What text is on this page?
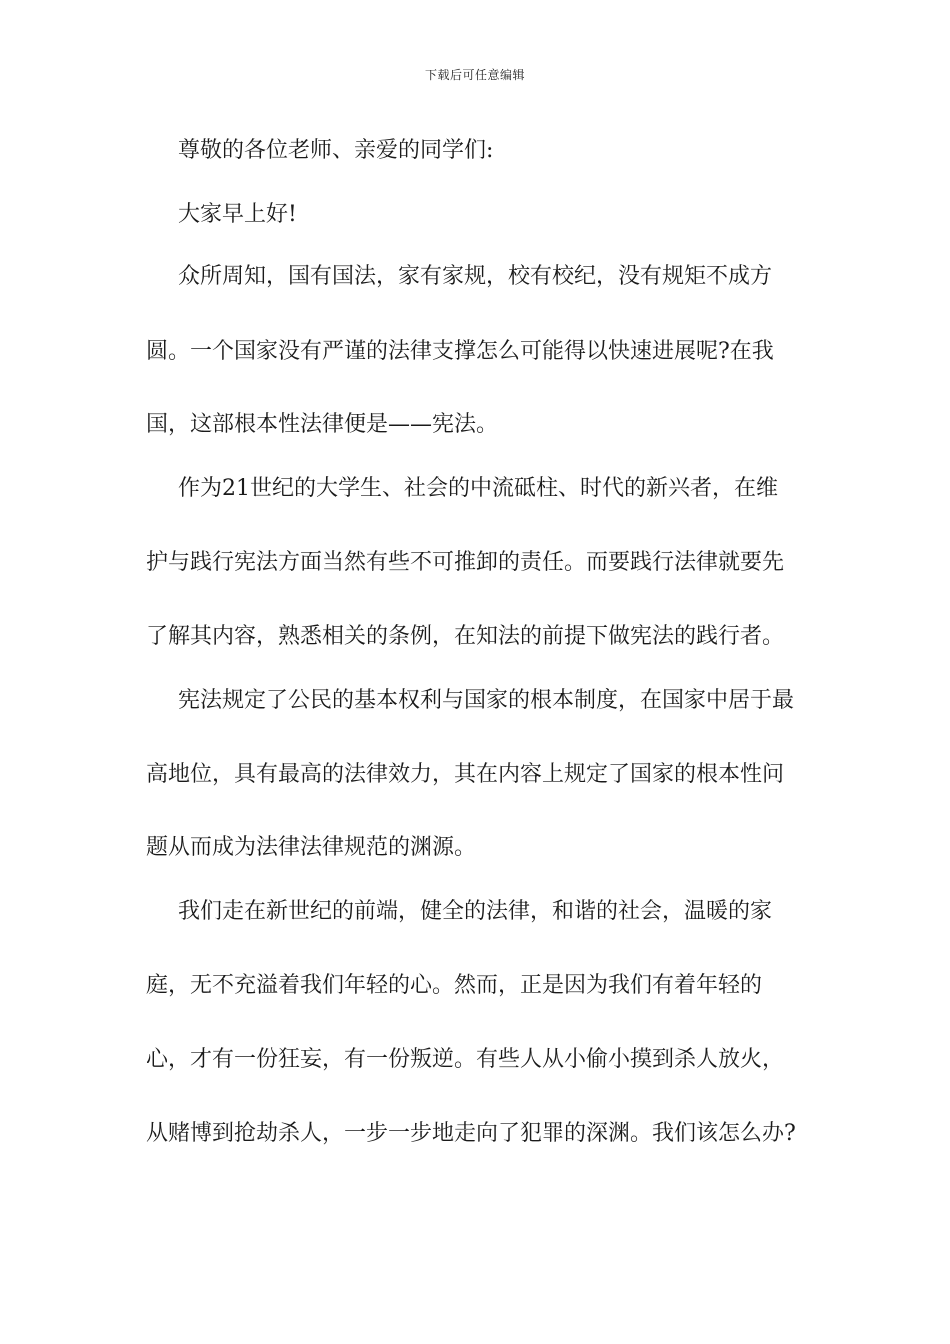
下载后可任意编辑
尊敬的各位老师、亲爱的同学们:
大家早上好!
众所周知，国有国法，家有家规，校有校纪，没有规矩不成方
圆。一个国家没有严谨的法律支撑怎么可能得以快速进展呢?在我
国，这部根本性法律便是——宪法。
作为21世纪的大学生、社会的中流砥柱、时代的新兴者，在维
护与践行宪法方面当然有些不可推卸的责任。而要践行法律就要先
了解其内容，熟悉相关的条例，在知法的前提下做宪法的践行者。
宪法规定了公民的基本权利与国家的根本制度，在国家中居于最
高地位，具有最高的法律效力，其在内容上规定了国家的根本性问
题从而成为法律法律规范的渊源。
我们走在新世纪的前端，健全的法律，和谐的社会，温暖的家
庭，无不充溢着我们年轻的心。然而，正是因为我们有着年轻的
心，才有一份狂妄，有一份叛逆。有些人从小偷小摸到杀人放火，
从赌博到抢劫杀人，一步一步地走向了犯罪的深渊。我们该怎么办?
